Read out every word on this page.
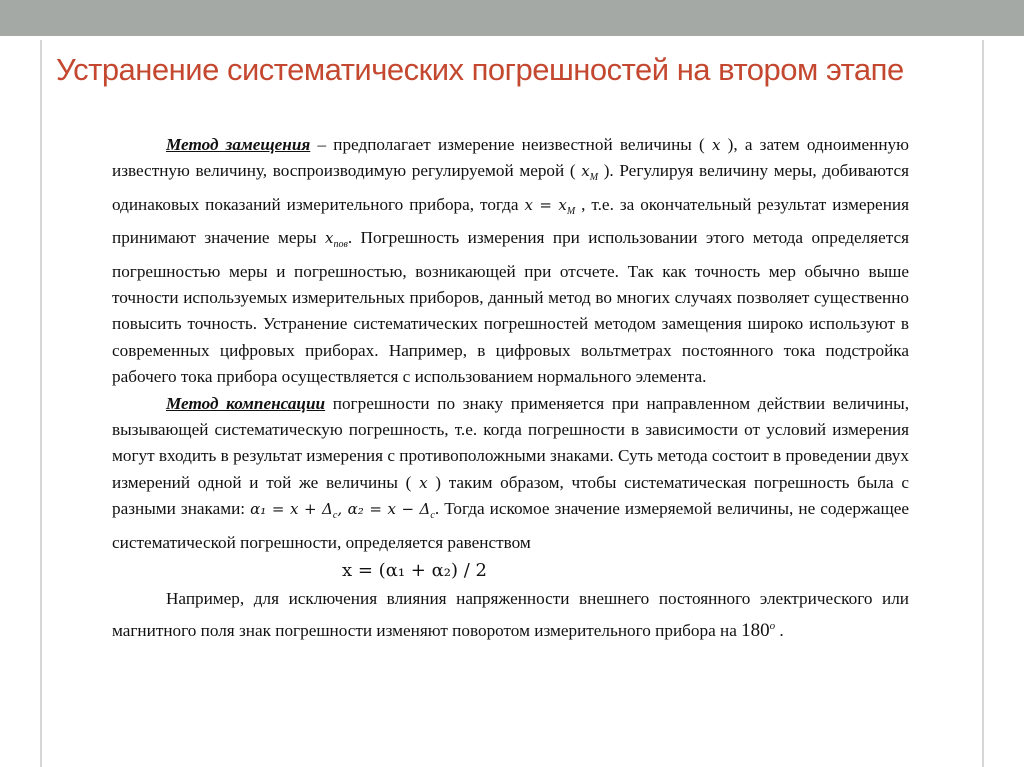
Устранение систематических погрешностей на втором этапе

Метод замещения – предполагает измерение неизвестной величины ( x ), а затем одноименную известную величину, воспроизводимую регулируемой мерой ( $x_М$ ). Регулируя величину меры, добиваются одинаковых показаний измерительного прибора, тогда $x = x_М$ , т.е. за окончательный результат измерения принимают значение меры $x_{пов}$. Погрешность измерения при использовании этого метода определяется погрешностью меры и погрешностью, возникающей при отсчете. Так как точность мер обычно выше точности используемых измерительных приборов, данный метод во многих случаях позволяет существенно повысить точность. Устранение систематических погрешностей методом замещения широко используют в современных цифровых приборах. Например, в цифровых вольтметрах постоянного тока подстройка рабочего тока прибора осуществляется с использованием нормального элемента.

Метод компенсации погрешности по знаку применяется при направленном действии величины, вызывающей систематическую погрешность, т.е. когда погрешности в зависимости от условий измерения могут входить в результат измерения с противоположными знаками. Суть метода состоит в проведении двух измерений одной и той же величины ( x ) таким образом, чтобы систематическая погрешность была с разными знаками: $\alpha_1 = x + \Delta_c$, $\alpha_2 = x - \Delta_c$. Тогда искомое значение измеряемой величины, не содержащее систематической погрешности, определяется равенством

x = (α₁ + α₂) / 2

Например, для исключения влияния напряженности внешнего постоянного электрического или магнитного поля знак погрешности изменяют поворотом измерительного прибора на 180$^o$ .
